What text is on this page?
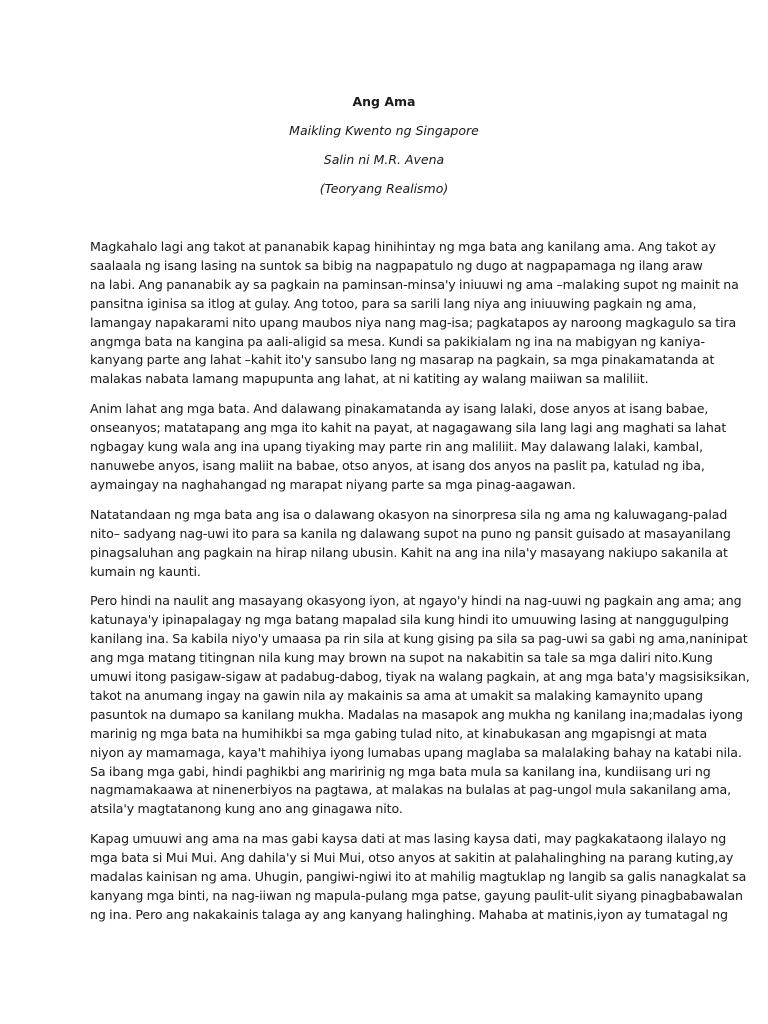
Ang Ama

Maikling Kwento ng Singapore

Salin ni M.R. Avena

(Teoryang Realismo)

Magkahalo lagi ang takot at pananabik kapag hinihintay ng mga bata ang kanilang ama. Ang takot ay
saalaala ng isang lasing na suntok sa bibig na nagpapatulo ng dugo at nagpapamaga ng ilang araw
na labi. Ang pananabik ay sa pagkain na paminsan-minsa'y iniuuwi ng ama –malaking supot ng mainit na
pansitna iginisa sa itlog at gulay. Ang totoo, para sa sarili lang niya ang iniuuwing pagkain ng ama,
lamangay napakarami nito upang maubos niya nang mag-isa; pagkatapos ay naroong magkagulo sa tira
angmga bata na kangina pa aali-aligid sa mesa. Kundi sa pakikialam ng ina na mabigyan ng kaniya-
kanyang parte ang lahat –kahit ito'y sansubo lang ng masarap na pagkain, sa mga pinakamatanda at
malakas nabata lamang mapupunta ang lahat, at ni katiting ay walang maiiwan sa maliliit.

Anim lahat ang mga bata. And dalawang pinakamatanda ay isang lalaki, dose anyos at isang babae,
onseanyos; matatapang ang mga ito kahit na payat, at nagagawang sila lang lagi ang maghati sa lahat
ngbagay kung wala ang ina upang tiyaking may parte rin ang maliliit. May dalawang lalaki, kambal,
nanuwebe anyos, isang maliit na babae, otso anyos, at isang dos anyos na paslit pa, katulad ng iba,
aymaingay na naghahangad ng marapat niyang parte sa mga pinag-aagawan.

Natatandaan ng mga bata ang isa o dalawang okasyon na sinorpresa sila ng ama ng kaluwagang-palad
nito– sadyang nag-uwi ito para sa kanila ng dalawang supot na puno ng pansit guisado at masayanilang
pinagsaluhan ang pagkain na hirap nilang ubusin. Kahit na ang ina nila'y masayang nakiupo sakanila at
kumain ng kaunti.

Pero hindi na naulit ang masayang okasyong iyon, at ngayo'y hindi na nag-uuwi ng pagkain ang ama; ang
katunaya'y ipinapalagay ng mga batang mapalad sila kung hindi ito umuuwing lasing at nanggugulping
kanilang ina. Sa kabila niyo'y umaasa pa rin sila at kung gising pa sila sa pag-uwi sa gabi ng ama,naninipat
ang mga matang titingnan nila kung may brown na supot na nakabitin sa tale sa mga daliri nito.Kung
umuwi itong pasigaw-sigaw at padabug-dabog, tiyak na walang pagkain, at ang mga bata'y magsisiksikan,
takot na anumang ingay na gawin nila ay makainis sa ama at umakit sa malaking kamaynito upang
pasuntok na dumapo sa kanilang mukha. Madalas na masapok ang mukha ng kanilang ina;madalas iyong
marinig ng mga bata na humihikbi sa mga gabing tulad nito, at kinabukasan ang mgapisngi at mata
niyon ay mamamaga, kaya't mahihiya iyong lumabas upang maglaba sa malalaking bahay na katabi nila.
Sa ibang mga gabi, hindi paghikbi ang maririnig ng mga bata mula sa kanilang ina, kundiisang uri ng
nagmamakaawa at ninenerbiyos na pagtawa, at malakas na bulalas at pag-ungol mula sakanilang ama,
atsila'y magtatanong kung ano ang ginagawa nito.

Kapag umuuwi ang ama na mas gabi kaysa dati at mas lasing kaysa dati, may pagkakataong ilalayo ng
mga bata si Mui Mui. Ang dahila'y si Mui Mui, otso anyos at sakitin at palahalinghing na parang kuting,ay
madalas kainisan ng ama. Uhugin, pangiwi-ngiwi ito at mahilig magtuklap ng langib sa galis nanagkalat sa
kanyang mga binti, na nag-iiwan ng mapula-pulang mga patse, gayung paulit-ulit siyang pinagbabawalan
ng ina. Pero ang nakakainis talaga ay ang kanyang halinghing. Mahaba at matinis,iyon ay tumatagal ng
